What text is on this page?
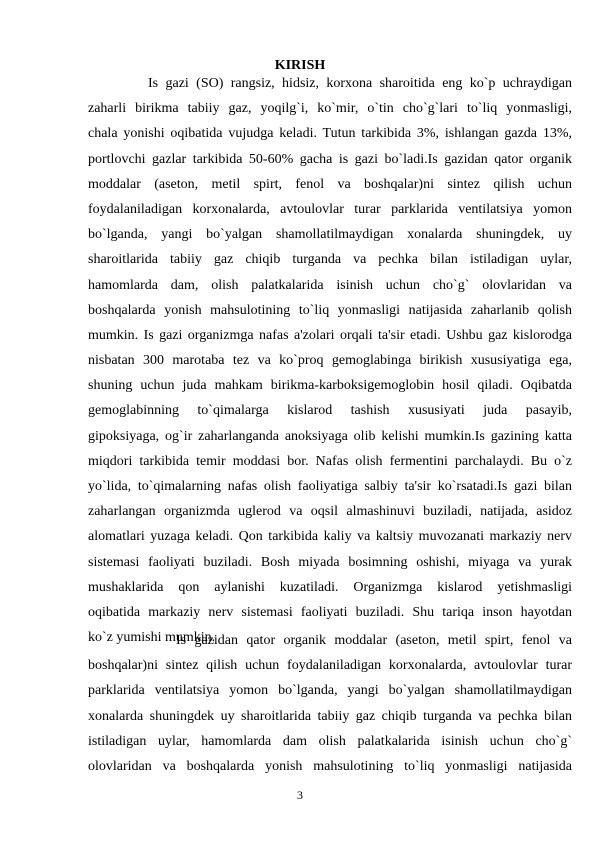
KIRISH
Is gazi (SO) rangsiz, hidsiz, korxona sharoitida eng ko`p uchraydigan
zaharli birikma tabiiy gaz, yoqilg`i, ko`mir, o`tin cho`g`lari to`liq yonmasligi,
chala yonishi oqibatida vujudga keladi. Tutun tarkibida 3%, ishlangan gazda 13%,
portlovchi gazlar tarkibida 50-60% gacha is gazi bo`ladi.Is gazidan qator organik
moddalar (aseton, metil spirt, fenol va boshqalar)ni sintez qilish uchun
foydalaniladigan korxonalarda, avtoulovlar turar parklarida ventilatsiya yomon
bo`lganda, yangi bo`yalgan shamollatilmaydigan xonalarda shuningdek, uy
sharoitlarida tabiiy gaz chiqib turganda va pechka bilan istiladigan uylar,
hamomlarda dam, olish palatkalarida isinish uchun cho`g` olovlaridan va
boshqalarda yonish mahsulotining to`liq yonmasligi natijasida zaharlanib qolish
mumkin. Is gazi organizmga nafas a'zolari orqali ta'sir etadi. Ushbu gaz kislorodga
nisbatan 300 marotaba tez va ko`proq gemoglabinga birikish xususiyatiga ega,
shuning uchun juda mahkam birikma-karboksigemoglobin hosil qiladi. Oqibatda
gemoglabinning to`qimalarga kislarod tashish xususiyati juda pasayib,
gipoksiyaga, og`ir zaharlanganda anoksiyaga olib kelishi mumkin.Is gazining katta
miqdori tarkibida temir moddasi bor. Nafas olish fermentini parchalaydi. Bu o`z
yo`lida, to`qimalarning nafas olish faoliyatiga salbiy ta'sir ko`rsatadi.Is gazi bilan
zaharlangan organizmda uglerod va oqsil almashinuvi buziladi, natijada, asidoz
alomatlari yuzaga keladi. Qon tarkibida kaliy va kaltsiy muvozanati markaziy nerv
sistemasi faoliyati buziladi. Bosh miyada bosimning oshishi, miyaga va yurak
mushaklarida qon aylanishi kuzatiladi. Organizmga kislarod yetishmasligi
oqibatida markaziy nerv sistemasi faoliyati buziladi. Shu tariqa inson hayotdan
ko`z yumishi mumkin.
Is gazidan qator organik moddalar (aseton, metil spirt, fenol va
boshqalar)ni sintez qilish uchun foydalaniladigan korxonalarda, avtoulovlar turar
parklarida ventilatsiya yomon bo`lganda, yangi bo`yalgan shamollatilmaydigan
xonalarda shuningdek uy sharoitlarida tabiiy gaz chiqib turganda va pechka bilan
istiladigan uylar, hamomlarda dam olish palatkalarida isinish uchun cho`g`
olovlaridan va boshqalarda yonish mahsulotining to`liq yonmasligi natijasida
3
